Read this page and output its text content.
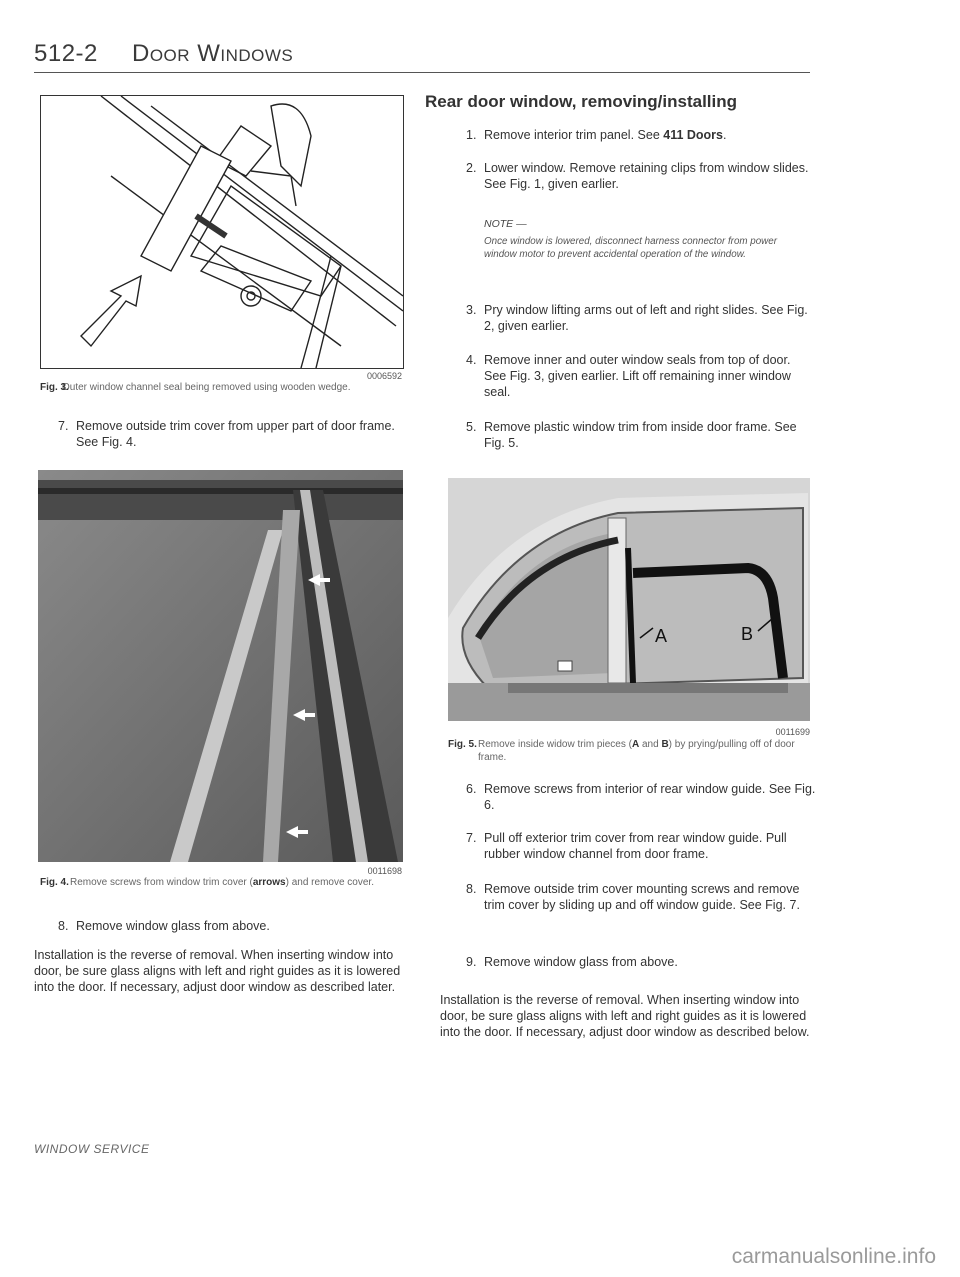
512-2 Door Windows
0006592
Fig. 3.
Outer window channel seal being removed using wooden wedge.
7. Remove outside trim cover from upper part of door frame. See Fig. 4.
0011698
Fig. 4. Remove screws from window trim cover (arrows) and remove cover.
8. Remove window glass from above.
Installation is the reverse of removal. When inserting window into door, be sure glass aligns with left and right guides as it is lowered into the door. If necessary, adjust door window as described later.
Rear door window, removing/installing
1. Remove interior trim panel. See 411 Doors.
2. Lower window. Remove retaining clips from window slides. See Fig. 1, given earlier.
NOTE —
Once window is lowered, disconnect harness connector from power window motor to prevent accidental operation of the window.
3. Pry window lifting arms out of left and right slides. See Fig. 2, given earlier.
4. Remove inner and outer window seals from top of door. See Fig. 3, given earlier. Lift off remaining inner window seal.
5. Remove plastic window trim from inside door frame. See Fig. 5.
A	B
0011699
Fig. 5. Remove inside widow trim pieces (A and B) by prying/pulling off of door frame.
6. Remove screws from interior of rear window guide. See Fig. 6.
7. Pull off exterior trim cover from rear window guide. Pull rubber window channel from door frame.
8. Remove outside trim cover mounting screws and remove trim cover by sliding up and off window guide. See Fig. 7.
9. Remove window glass from above.
Installation is the reverse of removal. When inserting window into door, be sure glass aligns with left and right guides as it is lowered into the door. If necessary, adjust door window as described below.
WINDOW SERVICE
carmanualsonline.info
